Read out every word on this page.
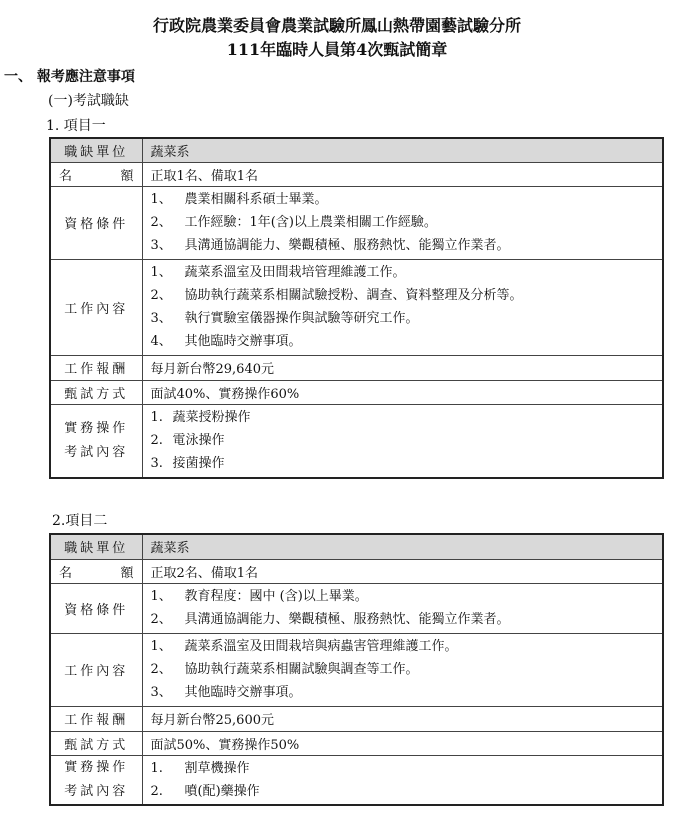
行政院農業委員會農業試驗所鳳山熱帶園藝試驗分所
111年臨時人員第4次甄試簡章
一、 報考應注意事項
(一)考試職缺
1. 項目一
職缺單位	蔬菜系
名 額	正取1名、備取1名
資格條件	1、 農業相關科系碩士畢業。
2、 工作經驗：1年(含)以上農業相關工作經驗。
3、 具溝通協調能力、樂觀積極、服務熱忱、能獨立作業者。

工作內容	1、 蔬菜系溫室及田間栽培管理維護工作。
2、 協助執行蔬菜系相關試驗授粉、調查、資料整理及分析等。
3、 執行實驗室儀器操作與試驗等研究工作。
4、 其他臨時交辦事項。

工作報酬	每月新台幣29,640元
甄試方式	面試40%、實務操作60%

實務操作
考試內容	1. 蔬菜授粉操作
2. 電泳操作
3. 接菌操作
2.項目二
職缺單位	蔬菜系
名 額	正取2名、備取1名
資格條件	1、 教育程度：國中 (含)以上畢業。
2、 具溝通協調能力、樂觀積極、服務熱忱、能獨立作業者。

工作內容	1、 蔬菜系溫室及田間栽培與病蟲害管理維護工作。
2、 協助執行蔬菜系相關試驗與調查等工作。
3、 其他臨時交辦事項。

工作報酬	每月新台幣25,600元
甄試方式	面試50%、實務操作50%

實務操作
考試內容	1. 割草機操作
2. 噴(配)藥操作
